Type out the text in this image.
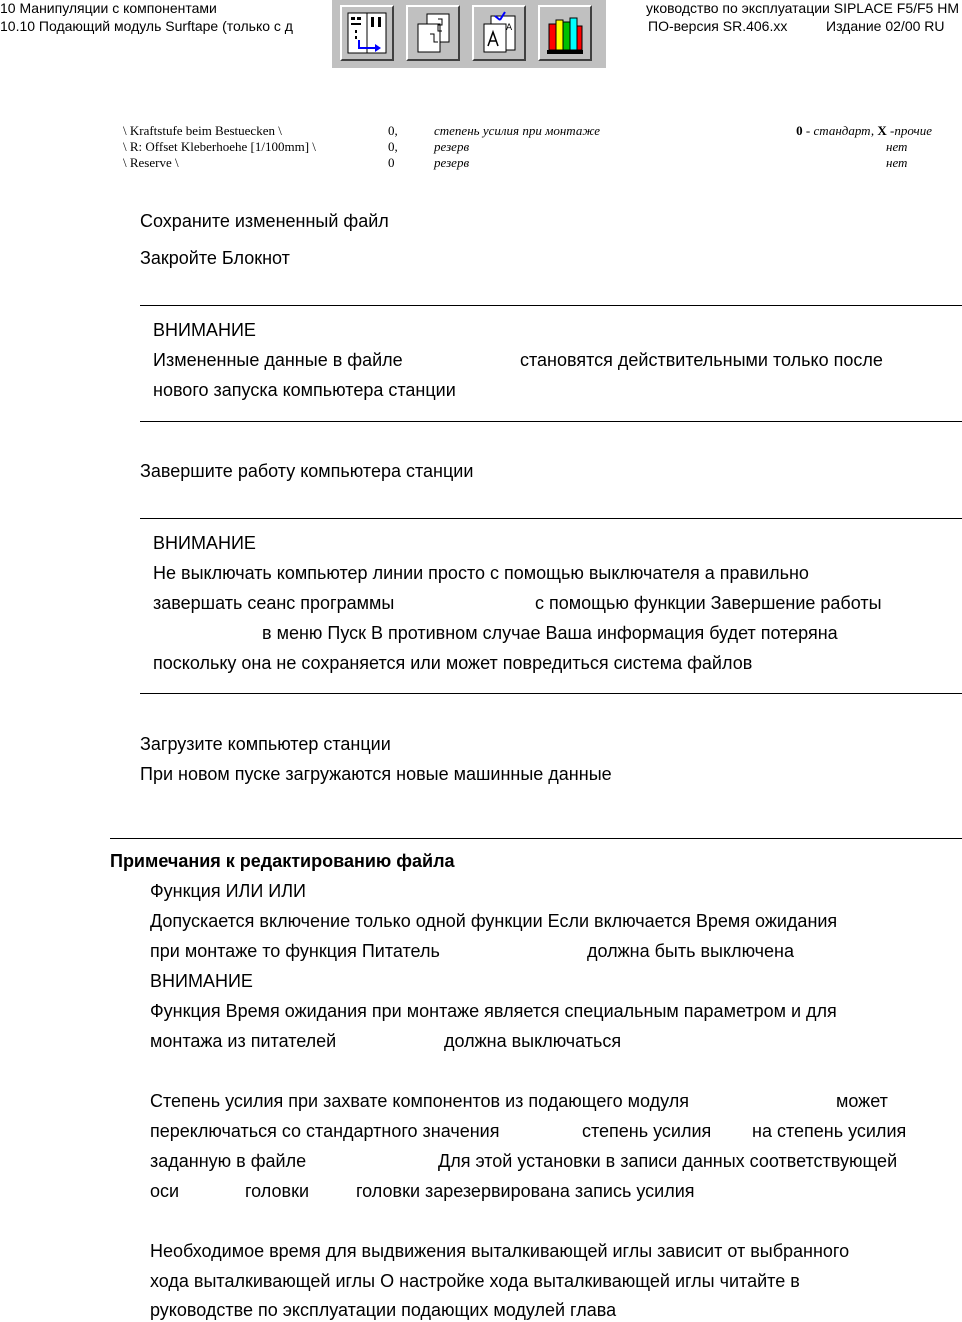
10 Манипуляции с компонентами
10.10 Подающий модуль Surftape (только с д
уководство по эксплуатации SIPLACE F5/F5 HM
ПО-версия SR.406.xx	Издание 02/00 RU
A
\ Kraftstufe beim Bestuecken \	0,	степень усилия при монтаже	0 - стандарт, X -прочие
\ R: Offset Kleberhoehe [1/100mm] \	0,	резерв	нет
\ Reserve \	0	резерв	нет
Сохраните измененный файл
Закройте Блокнот
ВНИМАНИЕ
Измененные данные в файле	становятся действительными только после
нового запуска компьютера станции
Завершите работу компьютера станции
ВНИМАНИЕ
Не выключать компьютер линии просто с помощью выключателя а правильно
завершать сеанс программы	с помощью функции Завершение работы
в меню Пуск В противном случае Ваша информация будет потеряна
поскольку она не сохраняется или может повредиться система файлов
Загрузите компьютер станции
При новом пуске загружаются новые машинные данные
Примечания к редактированию файла
Функция ИЛИ ИЛИ
Допускается включение только одной функции Если включается Время ожидания
при монтаже то функция Питатель	должна быть выключена
ВНИМАНИЕ
Функция Время ожидания при монтаже является специальным параметром и для
монтажа из питателей	должна выключаться
Степень усилия при захвате компонентов из подающего модуля	может
переключаться со стандартного значения	степень усилия на степень усилия
заданную в файле	Для этой установки в записи данных соответствующей
оси	головки	головки зарезервирована запись усилия
Необходимое время для выдвижения выталкивающей иглы зависит от выбранного
хода выталкивающей иглы О настройке хода выталкивающей иглы читайте в
руководстве по эксплуатации подающих модулей глава
